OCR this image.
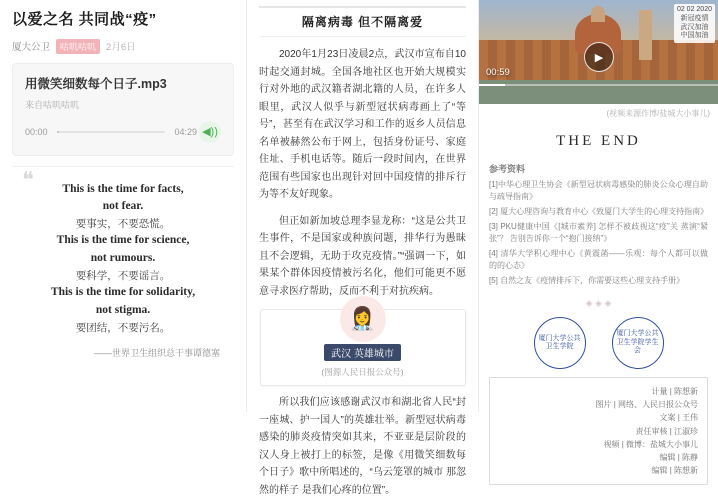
以爱之名 共同战“疫”
厦大公卫	咕叽咕叽	2月6日
用微笑细数每个日子.mp3
来自咕叽咕叽
00:00	04:29 ◀))
❝	This is the time for facts,
not fear.
要事实，不要恐慌。
This is the time for science,
not rumours.
要科学，不要谣言。
This is the time for solidarity,
not stigma.
要团结，不要污名。
——世界卫生组织总干事谭德塞
隔离病毒 但不隔离爱

2020年1月23日凌晨2点，武汉市宣布自10时起交通封城。全国各地社区也开始大规模实行对外地的武汉籍者湖北籍的人员，在许多人眼里，武汉人似乎与新型冠状病毒画上了“等号”，甚至有在武汉学习和工作的返乡人员信息名单被赫然公布于网上，包括身份证号、家庭住址、手机电话等。随后一段时间内，在世界范围有些国家也出现针对回中国疫情的排斥行为等不友好现象。

但正如新加坡总理李显龙称：“这是公共卫生事件，不是国家或种族问题，排华行为愚昧且不会逻辑，无助于攻克疫情。”“强调一下，如果某个群体因疫情被污名化，他们可能更不愿意寻求医疗帮助，反而不利于对抗疾病。

👩‍⚕️
武汉 英雄城市
(图源人民日报公众号)

所以我们应该感谢武汉市和湖北省人民“封一座城、护一国人”的英雄壮举。新型冠状病毒感染的肺炎疫情突如其来，不亚亚是层阶段的汉人身上被打上的标签，是像《用微笑细数每个日子》歌中所唱述的，“乌云笼罩的城市 那忽然的样子 是我们心疼的位置”。

▶
00:59
02 02 2020
新冠疫情
武汉加油
中国加油
(视频来源作博/盐城大小事儿)
THE END
参考资料
[1]中华心理卫生协会《新型冠状病毒感染的肺炎公众心理自助与疏导指南》
[2] 厦大心理咨询与教育中心《致厦门大学生的心理支持指南》
[3] PKU健康中国《[城市素养] 怎样不被歧视这“疫”关 蒸演“紧张”？ 告别告诉你一个“抱门接纳”》
[4] 清华大学积心理中心《黄震菡——乐观：每个人都可以做的的心态》
[5] 自然之友《疫情排斥下，你需要这些心理支持手册》
◈ ◈ ◈
厦门大学公共卫生学院
厦门大学公共卫生学院学生会
计量 | 陈想新
图片 | 网络、人民日报公众号
文案 | 王伟
责任审核 | 江淑珍
视频 | 微博：盐城大小事儿
编辑 | 陈静
编辑 | 陈想新
